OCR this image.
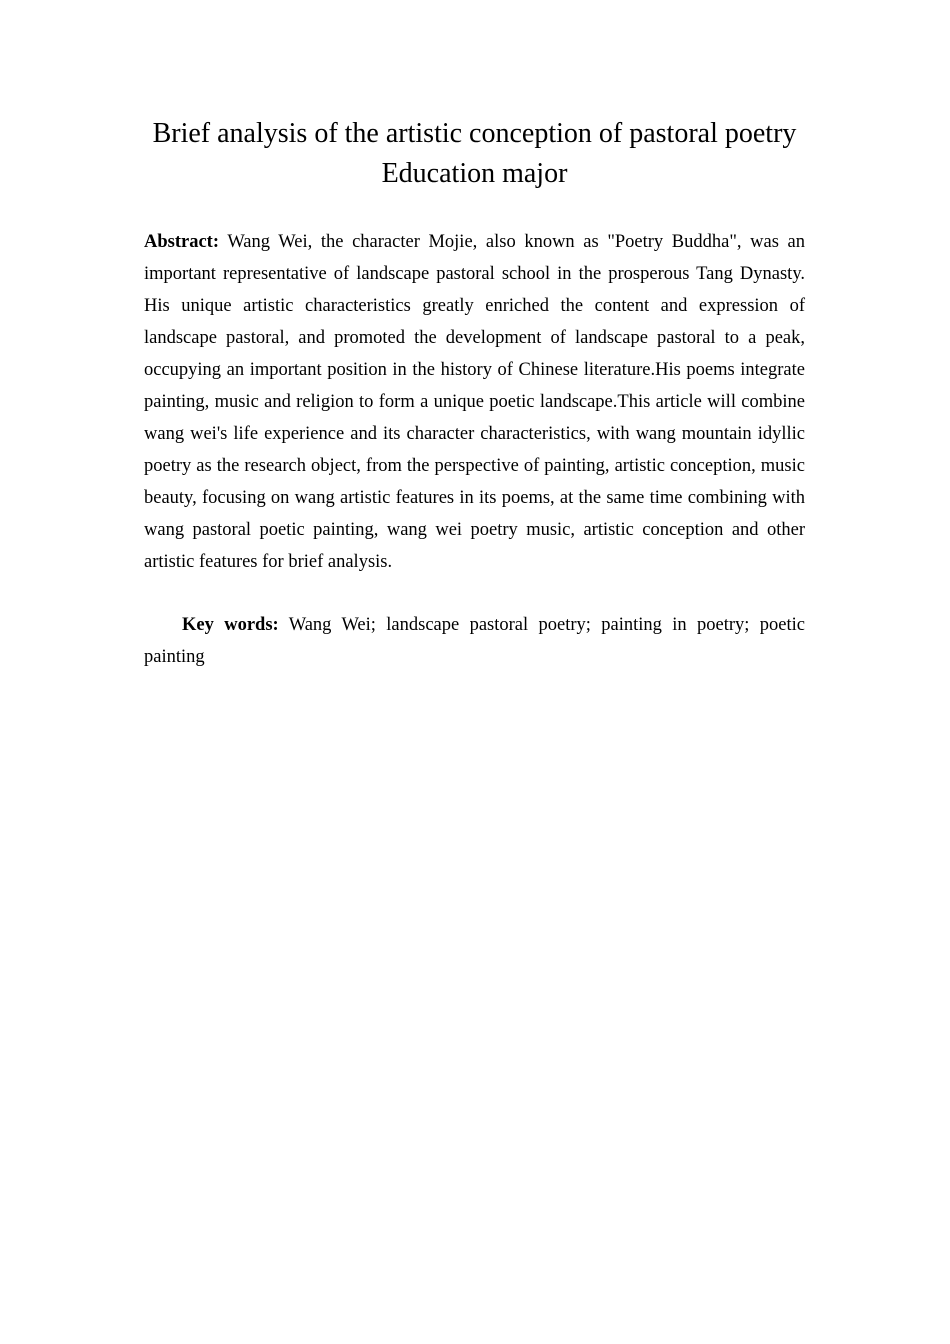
Brief analysis of the artistic conception of pastoral poetry
Education major

Abstract: Wang Wei, the character Mojie, also known as "Poetry Buddha", was an important representative of landscape pastoral school in the prosperous Tang Dynasty. His unique artistic characteristics greatly enriched the content and expression of landscape pastoral, and promoted the development of landscape pastoral to a peak, occupying an important position in the history of Chinese literature.His poems integrate painting, music and religion to form a unique poetic landscape.This article will combine wang wei's life experience and its character characteristics, with wang mountain idyllic poetry as the research object, from the perspective of painting, artistic conception, music beauty, focusing on wang artistic features in its poems, at the same time combining with wang pastoral poetic painting, wang wei poetry music, artistic conception and other artistic features for brief analysis.

Key words: Wang Wei; landscape pastoral poetry; painting in poetry; poetic painting
